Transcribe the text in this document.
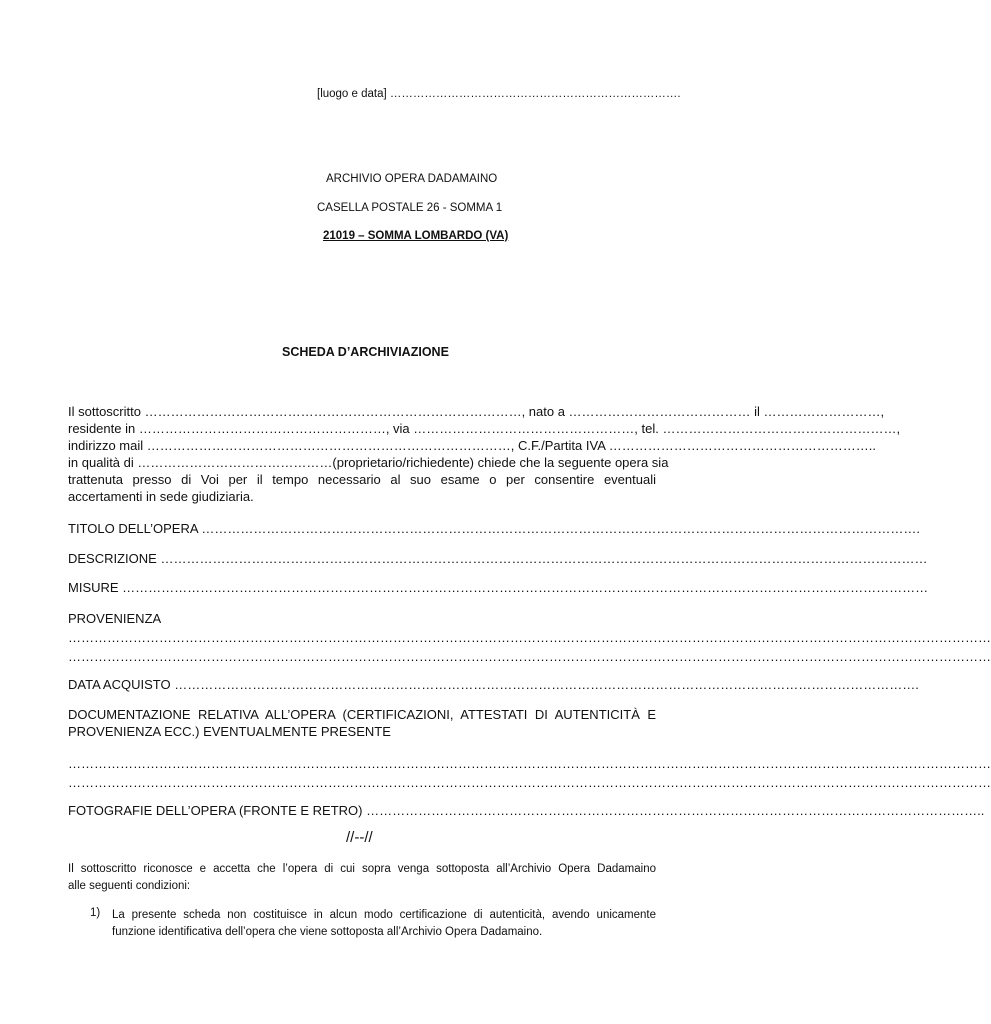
[luogo e data] ………………………………………………………………….
ARCHIVIO OPERA DADAMAINO
CASELLA POSTALE 26 - SOMMA 1
21019 – SOMMA LOMBARDO (VA)
SCHEDA D’ARCHIVIAZIONE
Il sottoscritto ……………………………………………………………………………, nato a …………………………………… il ………………………,
residente in …………………………………………………, via ……………………………………………, tel. ………………………………………………,
indirizzo mail …………………………………………………………………………, C.F./Partita IVA ……………………………………………………..
in qualità di ………………………………………(proprietario/richiedente) chiede che la seguente opera sia
trattenuta presso di Voi per il tempo necessario al suo esame o per consentire eventuali
accertamenti in sede giudiziaria.
TITOLO DELL’OPERA ………………………………………………………………………………………………………………………………………………….
DESCRIZIONE ……………………………………………………………………………………………………………………………………………………………
MISURE ……………………………………………………………………………………………………………………………………………………………………
PROVENIENZA
……………………………………………………………………………………………………………………………………………………………………………………………
……………………………………………………………………………………………………………………………………………………………………………………………
DATA ACQUISTO ……………………………………………………………………………………………………………………………………………………….
DOCUMENTAZIONE RELATIVA ALL’OPERA (CERTIFICAZIONI, ATTESTATI DI AUTENTICITÀ E
PROVENIENZA ECC.) EVENTUALMENTE PRESENTE
……………………………………………………………………………………………………………………………………………………………………………………………
……………………………………………………………………………………………………………………………………………………………………………………………
FOTOGRAFIE DELL’OPERA (FRONTE E RETRO) ……………………………………………………………………………………………………………………………..
//--//
Il sottoscritto riconosce e accetta che l’opera di cui sopra venga sottoposta all’Archivio Opera Dadamaino
alle seguenti condizioni:
1) La presente scheda non costituisce in alcun modo certificazione di autenticità, avendo unicamente
funzione identificativa dell’opera che viene sottoposta all’Archivio Opera Dadamaino.
